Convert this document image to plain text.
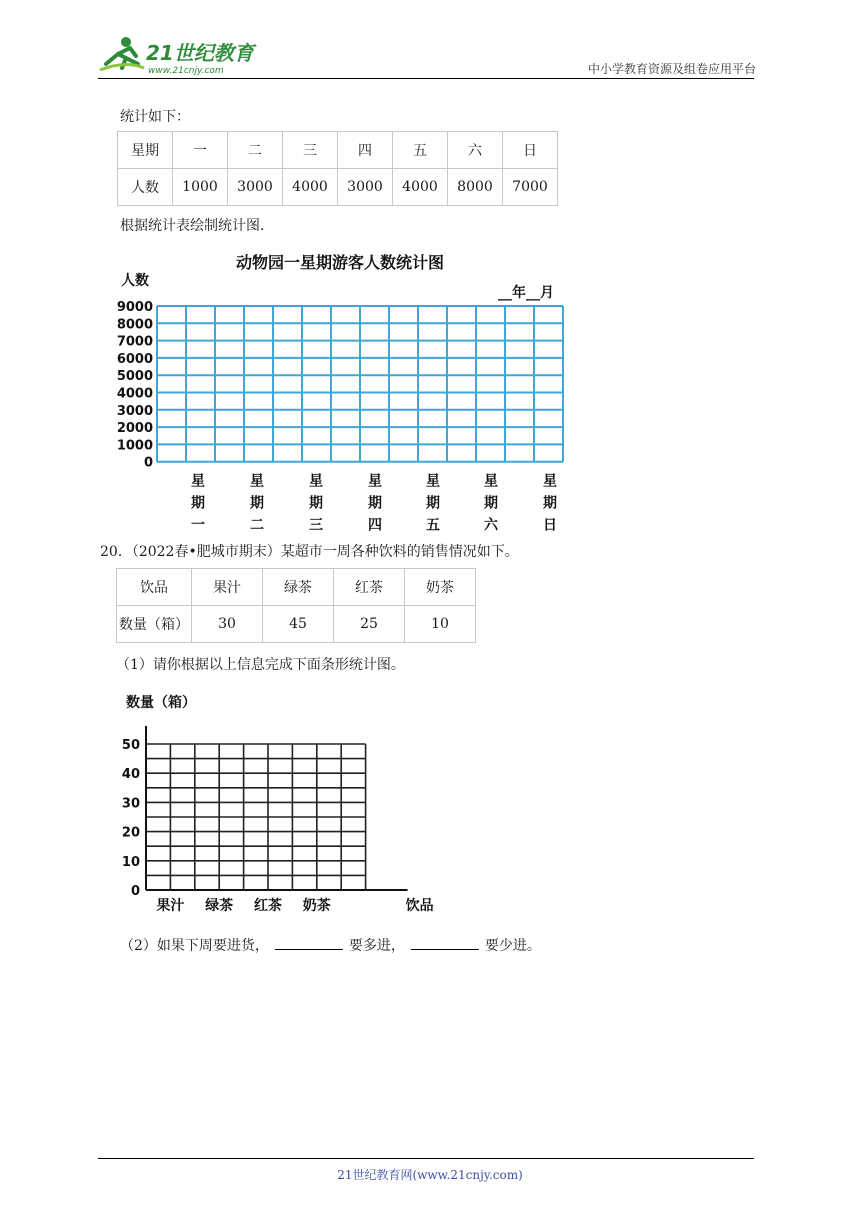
21世纪教育
www.21cnjy.com	中小学教育资源及组卷应用平台
统计如下：
星期	一	二	三	四	五	六	日
人数	1000	3000	4000	3000	4000	8000	7000
根据统计表绘制统计图.
动物园一星期游客人数统计图
人数
__年__月
9000
8000
7000
6000
5000
4000
3000
2000
1000
0
星
期
一
星
期
二
星
期
三
星
期
四
星
期
五
星
期
六
星
期
日
20．（2022春•肥城市期末）某超市一周各种饮料的销售情况如下。
饮品	果汁	绿茶	红茶	奶茶
数量（箱）	30	45	25	10
（1）请你根据以上信息完成下面条形统计图。
数量（箱）
50
40
30
20
10
0
果汁 绿茶 红茶 奶茶	饮品
（2）如果下周要进货，	要多进，	要少进。
21世纪教育网(www.21cnjy.com)
